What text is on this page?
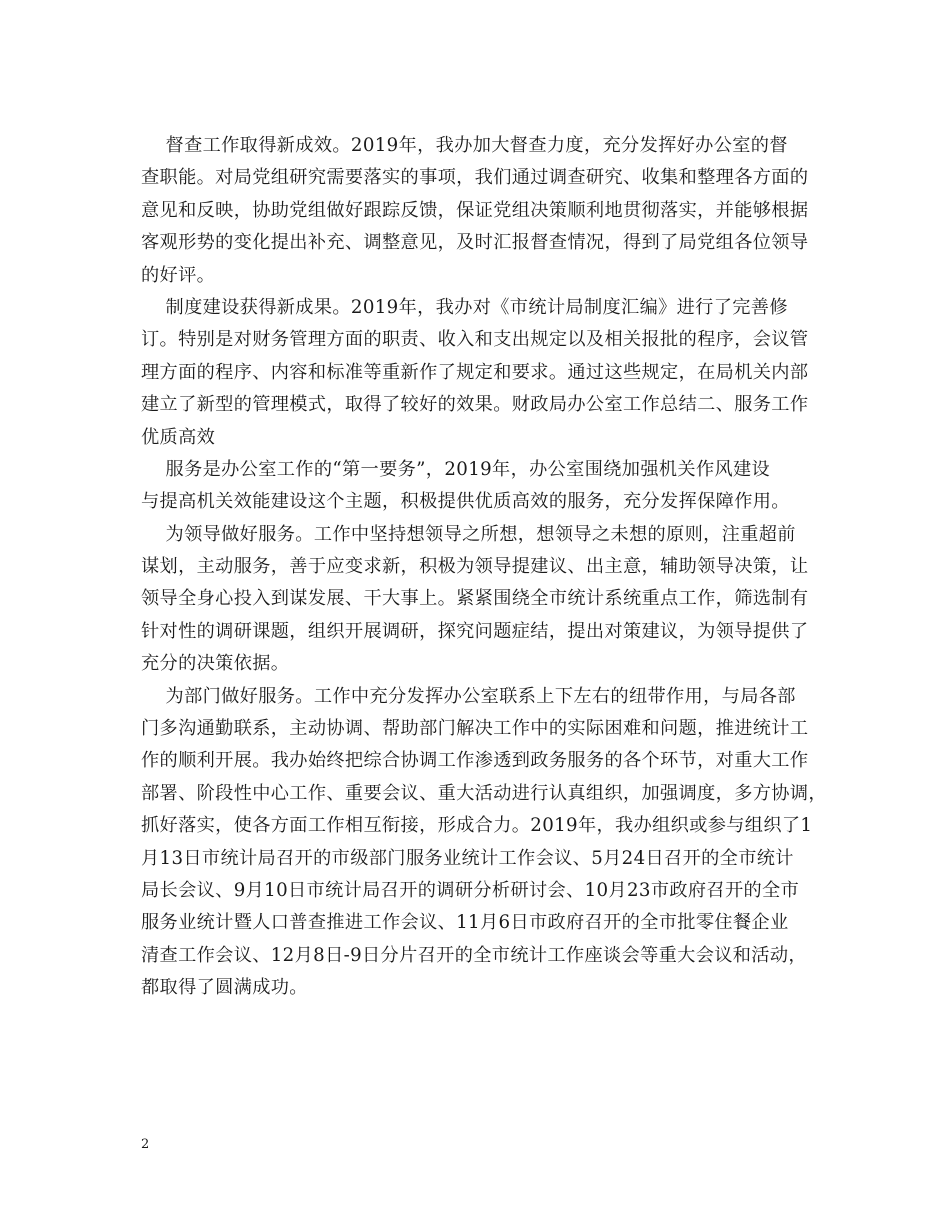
督查工作取得新成效。2019年，我办加大督查力度，充分发挥好办公室的督
查职能。对局党组研究需要落实的事项，我们通过调查研究、收集和整理各方面的
意见和反映，协助党组做好跟踪反馈，保证党组决策顺利地贯彻落实，并能够根据
客观形势的变化提出补充、调整意见，及时汇报督查情况，得到了局党组各位领导
的好评。
制度建设获得新成果。2019年，我办对《市统计局制度汇编》进行了完善修
订。特别是对财务管理方面的职责、收入和支出规定以及相关报批的程序，会议管
理方面的程序、内容和标准等重新作了规定和要求。通过这些规定，在局机关内部
建立了新型的管理模式，取得了较好的效果。财政局办公室工作总结二、服务工作
优质高效
服务是办公室工作的“第一要务”，2019年，办公室围绕加强机关作风建设
与提高机关效能建设这个主题，积极提供优质高效的服务，充分发挥保障作用。
为领导做好服务。工作中坚持想领导之所想，想领导之未想的原则，注重超前
谋划，主动服务，善于应变求新，积极为领导提建议、出主意，辅助领导决策，让
领导全身心投入到谋发展、干大事上。紧紧围绕全市统计系统重点工作，筛选制有
针对性的调研课题，组织开展调研，探究问题症结，提出对策建议，为领导提供了
充分的决策依据。
为部门做好服务。工作中充分发挥办公室联系上下左右的纽带作用，与局各部
门多沟通勤联系，主动协调、帮助部门解决工作中的实际困难和问题，推进统计工
作的顺利开展。我办始终把综合协调工作渗透到政务服务的各个环节，对重大工作
部署、阶段性中心工作、重要会议、重大活动进行认真组织，加强调度，多方协调，
抓好落实，使各方面工作相互衔接，形成合力。2019年，我办组织或参与组织了1
月13日市统计局召开的市级部门服务业统计工作会议、5月24日召开的全市统计
局长会议、9月10日市统计局召开的调研分析研讨会、10月23市政府召开的全市
服务业统计暨人口普查推进工作会议、11月6日市政府召开的全市批零住餐企业
清查工作会议、12月8日-9日分片召开的全市统计工作座谈会等重大会议和活动，
都取得了圆满成功。
2
